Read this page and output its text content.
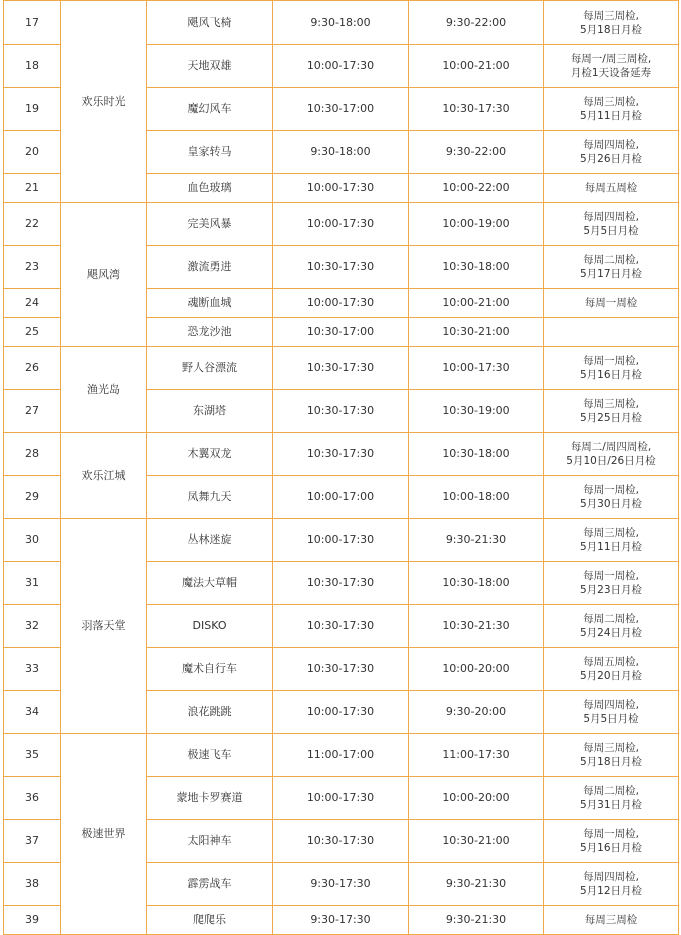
17	欢乐时光	飓风飞椅	9:30-18:00	9:30-22:00	每周三周检,
5月18日月检

18		天地双雄	10:00-17:30	10:00-21:00	每周一/周三周检,
月检1天设备延寿

19		魔幻风车	10:30-17:00	10:30-17:30	每周三周检,
5月11日月检

20		皇家转马	9:30-18:00	9:30-22:00	每周四周检,
5月26日月检

21		血色玻璃	10:00-17:30	10:00-22:00	每周五周检

22	飓风湾	完美风暴	10:00-17:30	10:00-19:00	每周四周检,
5月5日月检

23		激流勇进	10:30-17:30	10:30-18:00	每周二周检,
5月17日月检

24		魂断血城	10:00-17:30	10:00-21:00	每周一周检

25		恐龙沙池	10:30-17:00	10:30-21:00	
26	渔光岛	野人谷漂流	10:30-17:30	10:00-17:30	每周一周检,
5月16日月检

27		东湖塔	10:30-17:30	10:30-19:00	每周三周检,
5月25日月检

28	欢乐江城	木翼双龙	10:30-17:30	10:30-18:00	每周二/周四周检,
5月10日/26日月检

29		凤舞九天	10:00-17:00	10:00-18:00	每周一周检,
5月30日月检

30	羽落天堂	丛林迷旋	10:00-17:30	9:30-21:30	每周三周检,
5月11日月检

31		魔法大草帽	10:30-17:30	10:30-18:00	每周一周检,
5月23日月检

32		DISKO	10:30-17:30	10:30-21:30	每周二周检,
5月24日月检

33		魔术自行车	10:30-17:30	10:00-20:00	每周五周检,
5月20日月检

34		浪花跳跳	10:00-17:30	9:30-20:00	每周四周检,
5月5日月检

35	极速世界	极速飞车	11:00-17:00	11:00-17:30	每周三周检,
5月18日月检

36		蒙地卡罗赛道	10:00-17:30	10:00-20:00	每周二周检,
5月31日月检

37		太阳神车	10:30-17:30	10:30-21:00	每周一周检,
5月16日月检

38		霹雳战车	9:30-17:30	9:30-21:30	每周四周检,
5月12日月检

39		爬爬乐	9:30-17:30	9:30-21:30	每周三周检
